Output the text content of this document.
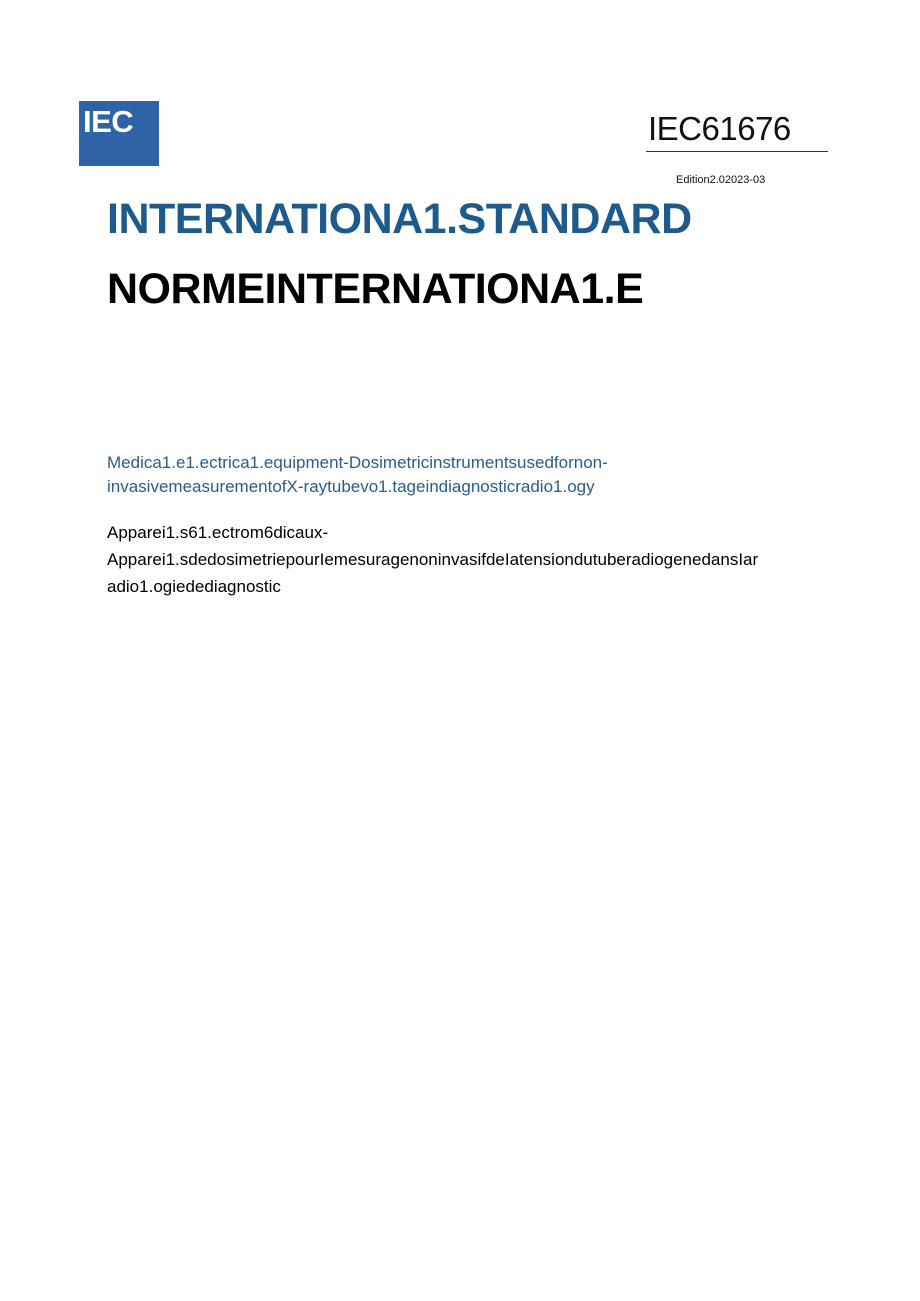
IEC	IEC61676
Edition2.02023-03
INTERNATIONA1.STANDARD
NORMEINTERNATIONA1.E
Medica1.e1.ectrica1.equipment-Dosimetricinstrumentsusedfornon-
invasivemeasurementofX-raytubevo1.tageindiagnosticradio1.ogy
Apparei1.s61.ectrom6dicaux-
Apparei1.sdedosimetriepourIemesuragenoninvasifdeIatensiondutuberadiogenedansIar
adio1.ogiedediagnostic
